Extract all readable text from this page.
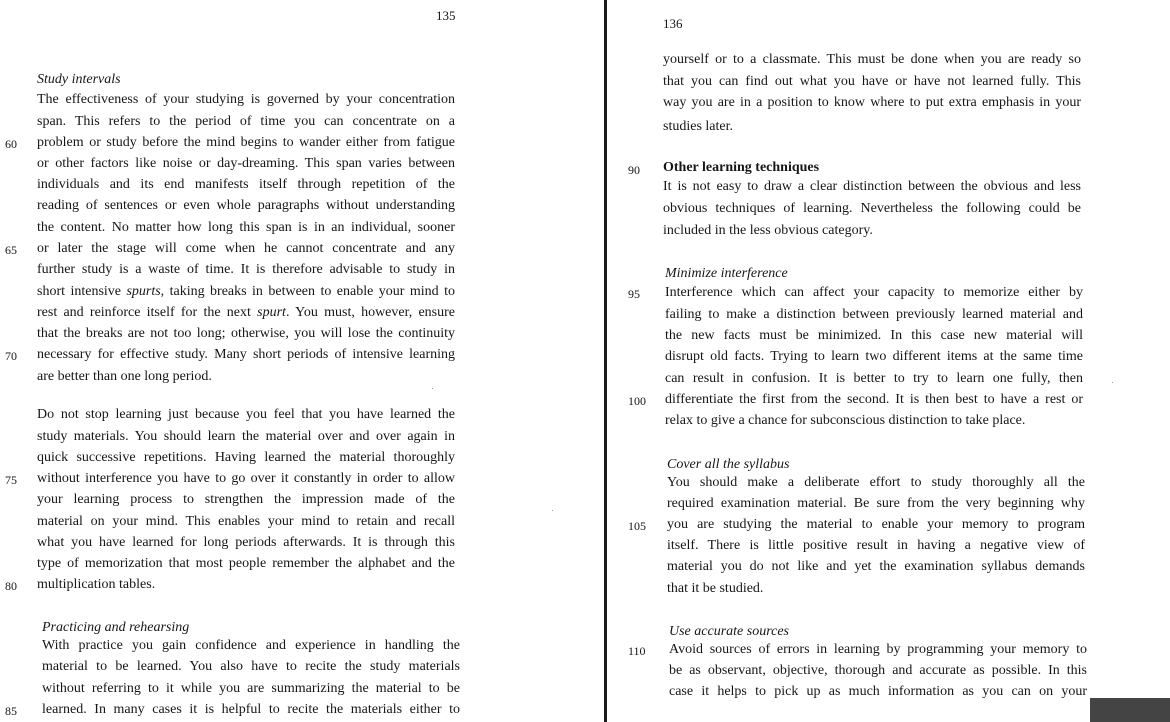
135
Study intervals
The effectiveness of your studying is governed by your concentration
span. This refers to the period of time you can concentrate on a
problem or study before the mind begins to wander either from fatigue
or other factors like noise or day-dreaming. This span varies between
individuals and its end manifests itself through repetition of the
reading of sentences or even whole paragraphs without understanding
the content. No matter how long this span is in an individual, sooner
or later the stage will come when he cannot concentrate and any
further study is a waste of time. It is therefore advisable to study in
short intensive spurts, taking breaks in between to enable your mind to
rest and reinforce itself for the next spurt. You must, however, ensure
that the breaks are not too long; otherwise, you will lose the continuity
necessary for effective study. Many short periods of intensive learning
are better than one long period.
Do not stop learning just because you feel that you have learned the
study materials. You should learn the material over and over again in
quick successive repetitions. Having learned the material thoroughly
without interference you have to go over it constantly in order to allow
your learning process to strengthen the impression made of the
material on your mind. This enables your mind to retain and recall
what you have learned for long periods afterwards. It is through this
type of memorization that most people remember the alphabet and the
multiplication tables.
Practicing and rehearsing
With practice you gain confidence and experience in handling the
material to be learned. You also have to recite the study materials
without referring to it while you are summarizing the material to be
learned. In many cases it is helpful to recite the materials either to
60
65
70
75
80
85
136
yourself or to a classmate. This must be done when you are ready so
that you can find out what you have or have not learned fully. This
way you are in a position to know where to put extra emphasis in your
studies later.
Other learning techniques
It is not easy to draw a clear distinction between the obvious and less
obvious techniques of learning. Nevertheless the following could be
included in the less obvious category.
Minimize interference
Interference which can affect your capacity to memorize either by
failing to make a distinction between previously learned material and
the new facts must be minimized. In this case new material will
disrupt old facts. Trying to learn two different items at the same time
can result in confusion. It is better to try to learn one fully, then
differentiate the first from the second. It is then best to have a rest or
relax to give a chance for subconscious distinction to take place.
Cover all the syllabus
You should make a deliberate effort to study thoroughly all the
required examination material. Be sure from the very beginning why
you are studying the material to enable your memory to program
itself. There is little positive result in having a negative view of
material you do not like and yet the examination syllabus demands
that it be studied.
Use accurate sources
Avoid sources of errors in learning by programming your memory to
be as observant, objective, thorough and accurate as possible. In this
case it helps to pick up as much information as you can on your
90
95
100
105
110
